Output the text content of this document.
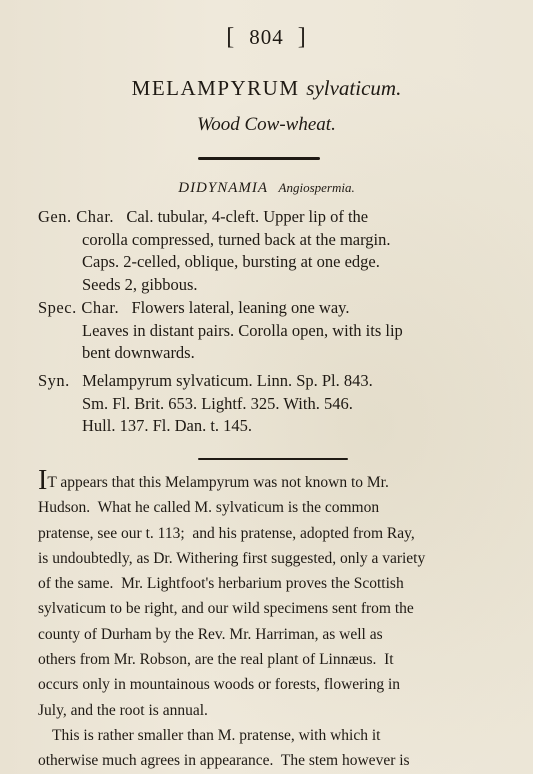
[ 804 ]
MELAMPYRUM sylvaticum.
Wood Cow-wheat.
DIDYNAMIA Angiospermia.
Gen. Char. Cal. tubular, 4-cleft. Upper lip of the
corolla compressed, turned back at the margin.
Caps. 2-celled, oblique, bursting at one edge.
Seeds 2, gibbous.
Spec. Char. Flowers lateral, leaning one way.
Leaves in distant pairs. Corolla open, with its lip
bent downwards.
Syn. Melampyrum sylvaticum. Linn. Sp. Pl. 843.
Sm. Fl. Brit. 653. Lightf. 325. With. 546.
Hull. 137. Fl. Dan. t. 145.
IT appears that this Melampyrum was not known to Mr.
Hudson.  What he called M. sylvaticum is the common
pratense, see our t. 113;  and his pratense, adopted from Ray,
is undoubtedly, as Dr. Withering first suggested, only a variety
of the same.  Mr. Lightfoot's herbarium proves the Scottish
sylvaticum to be right, and our wild specimens sent from the
county of Durham by the Rev. Mr. Harriman, as well as
others from Mr. Robson, are the real plant of Linnæus.  It
occurs only in mountainous woods or forests, flowering in
July, and the root is annual.
This is rather smaller than M. pratense, with which it
otherwise much agrees in appearance.  The stem however is
